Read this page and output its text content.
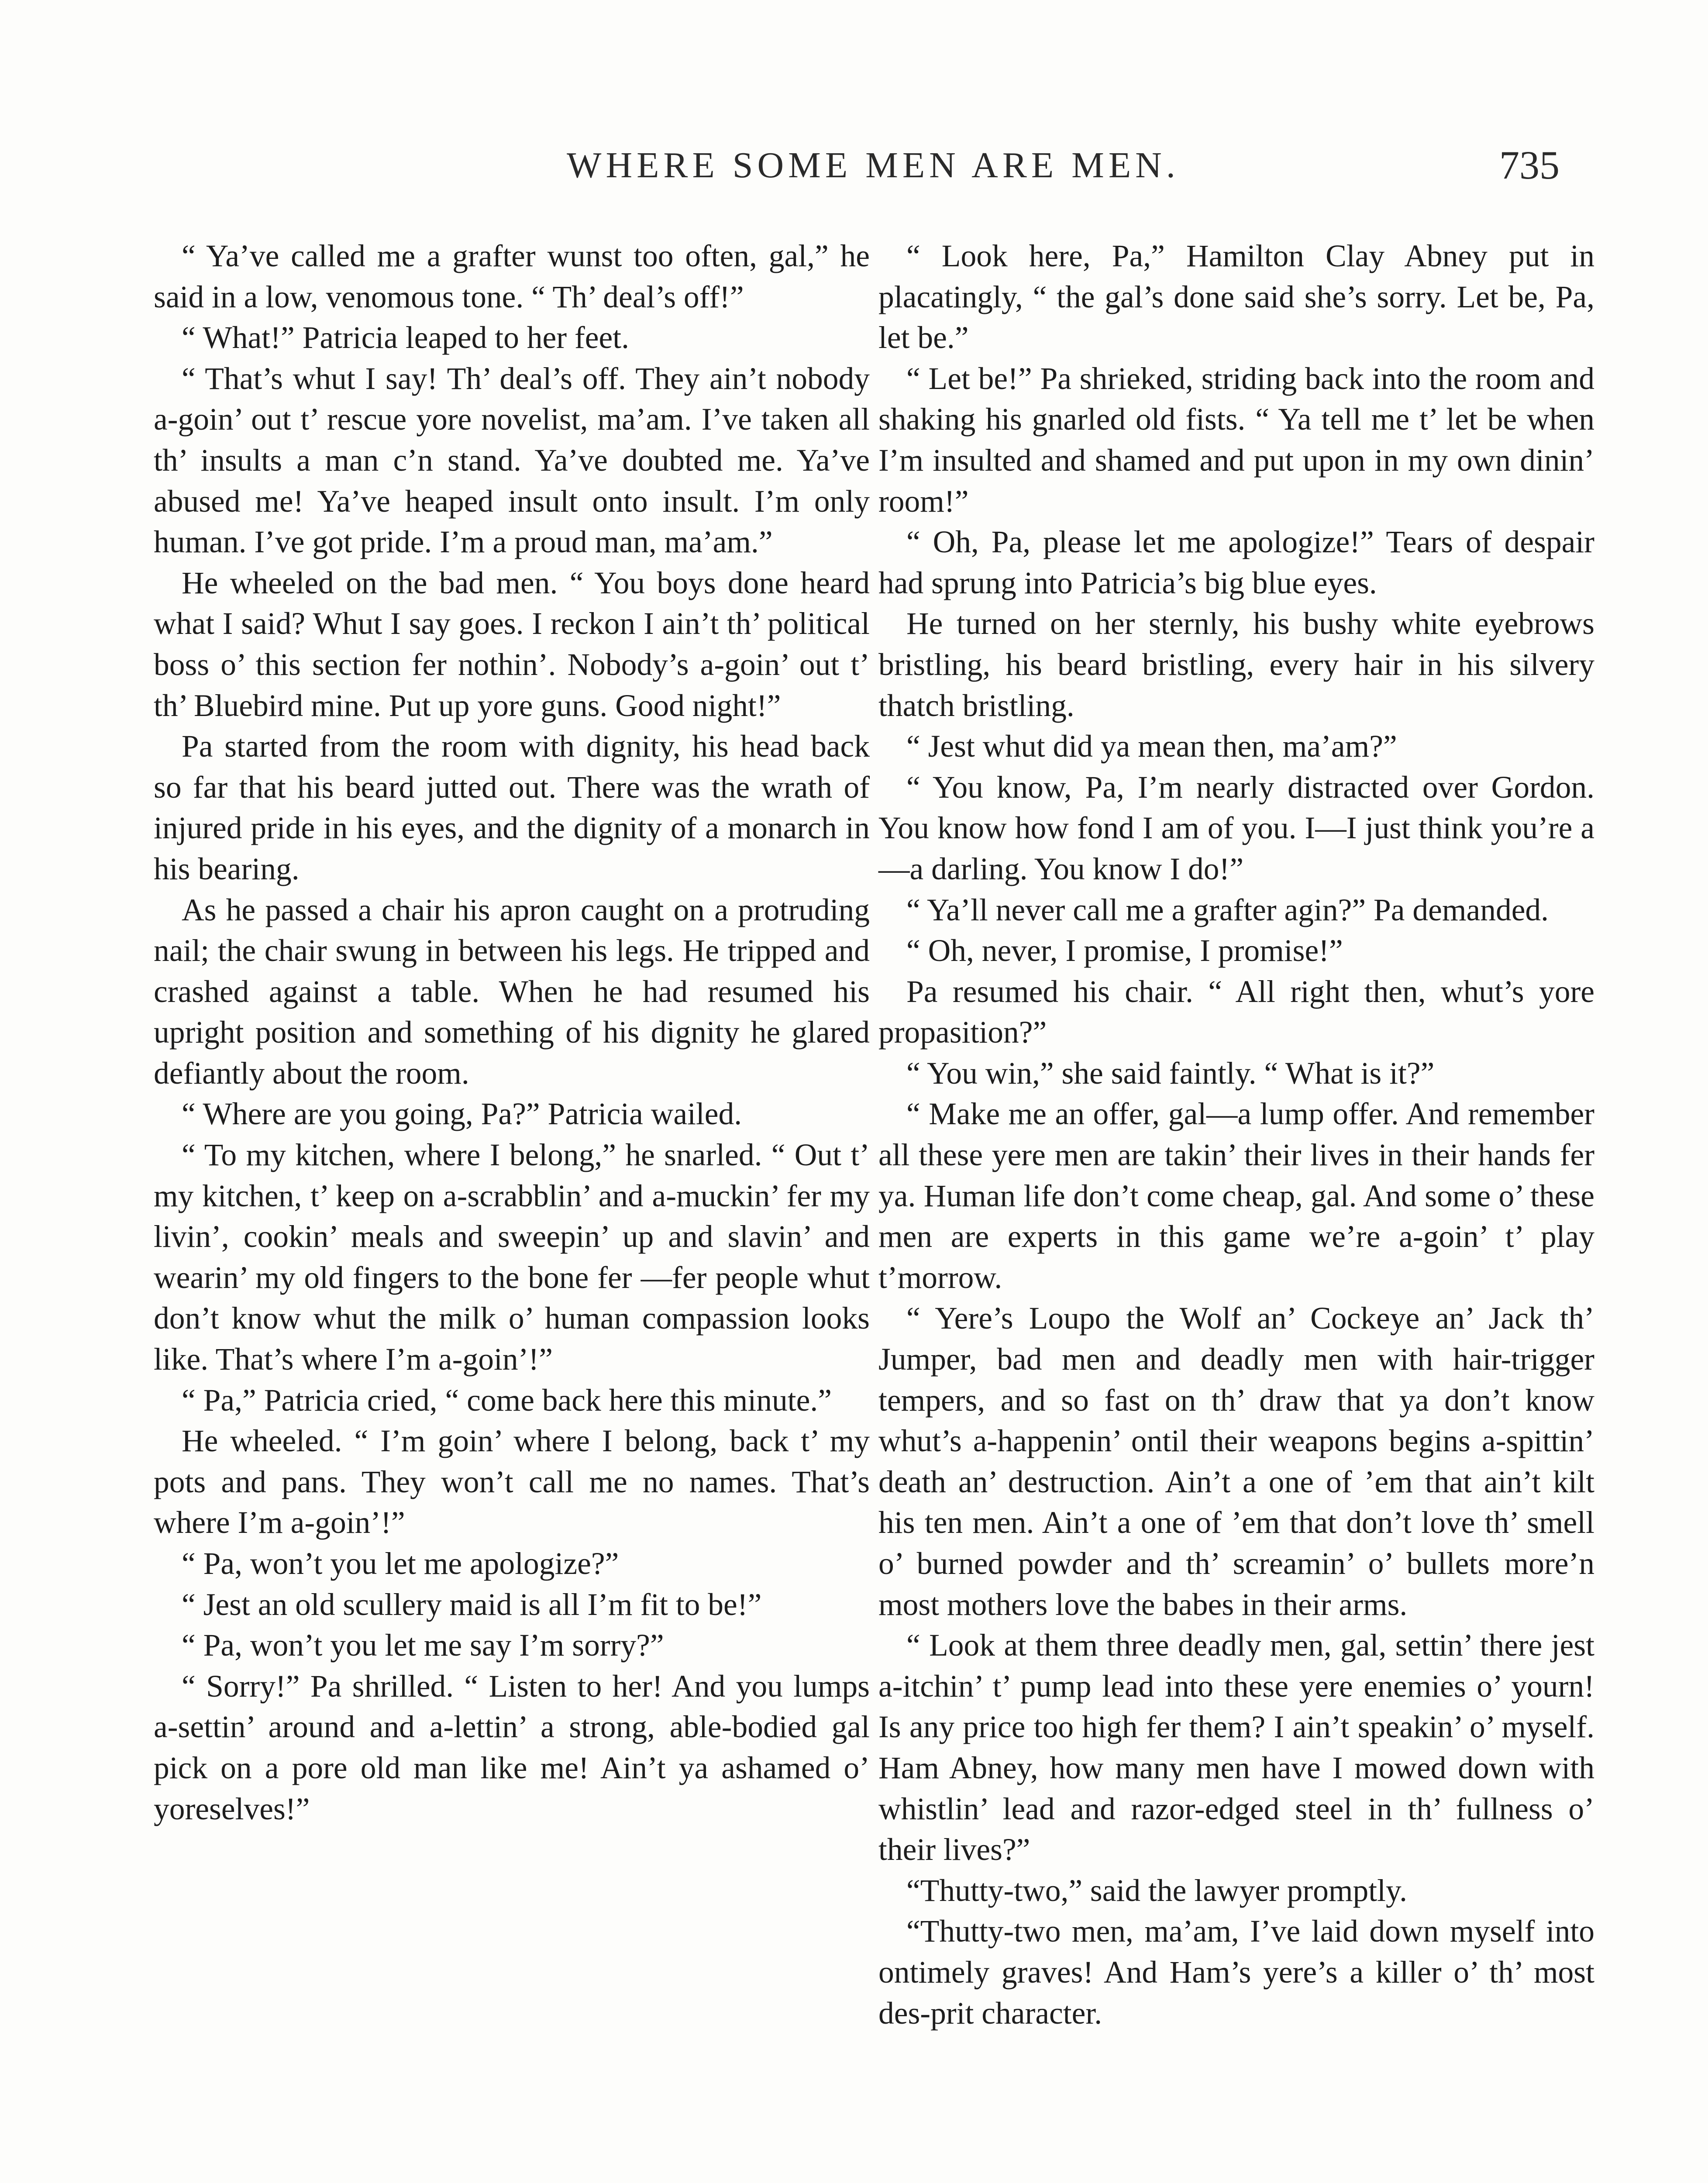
WHERE SOME MEN ARE MEN.	735

“ Ya’ve called me a grafter wunst too often, gal,” he said in a low, venomous tone. “ Th’ deal’s off!”

“ What!” Patricia leaped to her feet.

“ That’s whut I say! Th’ deal’s off. They ain’t nobody a-goin’ out t’ rescue yore novelist, ma’am. I’ve taken all th’ insults a man c’n stand. Ya’ve doubted me. Ya’ve abused me! Ya’ve heaped insult onto insult. I’m only human. I’ve got pride. I’m a proud man, ma’am.”

He wheeled on the bad men. “ You boys done heard what I said? Whut I say goes. I reckon I ain’t th’ political boss o’ this section fer nothin’. Nobody’s a-goin’ out t’ th’ Bluebird mine. Put up yore guns. Good night!”

Pa started from the room with dignity, his head back so far that his beard jutted out. There was the wrath of injured pride in his eyes, and the dignity of a monarch in his bearing.

As he passed a chair his apron caught on a protruding nail; the chair swung in between his legs. He tripped and crashed against a table. When he had resumed his upright position and something of his dignity he glared defiantly about the room.

“ Where are you going, Pa?” Patricia wailed.

“ To my kitchen, where I belong,” he snarled. “ Out t’ my kitchen, t’ keep on a-scrabblin’ and a-muckin’ fer my livin’, cookin’ meals and sweepin’ up and slavin’ and wearin’ my old fingers to the bone fer —fer people whut don’t know whut the milk o’ human compassion looks like. That’s where I’m a-goin’!”

“ Pa,” Patricia cried, “ come back here this minute.”

He wheeled. “ I’m goin’ where I belong, back t’ my pots and pans. They won’t call me no names. That’s where I’m a-goin’!”

“ Pa, won’t you let me apologize?”

“ Jest an old scullery maid is all I’m fit to be!”

“ Pa, won’t you let me say I’m sorry?”

“ Sorry!” Pa shrilled. “ Listen to her! And you lumps a-settin’ around and a-lettin’ a strong, able-bodied gal pick on a pore old man like me! Ain’t ya ashamed o’ yoreselves!”

“ Look here, Pa,” Hamilton Clay Abney put in placatingly, “ the gal’s done said she’s sorry. Let be, Pa, let be.”

“ Let be!” Pa shrieked, striding back into the room and shaking his gnarled old fists. “ Ya tell me t’ let be when I’m insulted and shamed and put upon in my own dinin’ room!”

“ Oh, Pa, please let me apologize!” Tears of despair had sprung into Patricia’s big blue eyes.

He turned on her sternly, his bushy white eyebrows bristling, his beard bristling, every hair in his silvery thatch bristling.

“ Jest whut did ya mean then, ma’am?”

“ You know, Pa, I’m nearly distracted over Gordon. You know how fond I am of you. I—I just think you’re a—a darling. You know I do!”

“ Ya’ll never call me a grafter agin?” Pa demanded.

“ Oh, never, I promise, I promise!”

Pa resumed his chair. “ All right then, whut’s yore propasition?”

“ You win,” she said faintly. “ What is it?”

“ Make me an offer, gal—a lump offer. And remember all these yere men are takin’ their lives in their hands fer ya. Human life don’t come cheap, gal. And some o’ these men are experts in this game we’re a-goin’ t’ play t’morrow.

“ Yere’s Loupo the Wolf an’ Cockeye an’ Jack th’ Jumper, bad men and deadly men with hair-trigger tempers, and so fast on th’ draw that ya don’t know whut’s a-happenin’ ontil their weapons begins a-spittin’ death an’ destruction. Ain’t a one of ’em that ain’t kilt his ten men. Ain’t a one of ’em that don’t love th’ smell o’ burned powder and th’ screamin’ o’ bullets more’n most mothers love the babes in their arms.

“ Look at them three deadly men, gal, settin’ there jest a-itchin’ t’ pump lead into these yere enemies o’ yourn! Is any price too high fer them? I ain’t speakin’ o’ myself. Ham Abney, how many men have I mowed down with whistlin’ lead and razor-edged steel in th’ fullness o’ their lives?”

“Thutty-two,” said the lawyer promptly.

“Thutty-two men, ma’am, I’ve laid down myself into ontimely graves! And Ham’s yere’s a killer o’ th’ most des-prit character.
